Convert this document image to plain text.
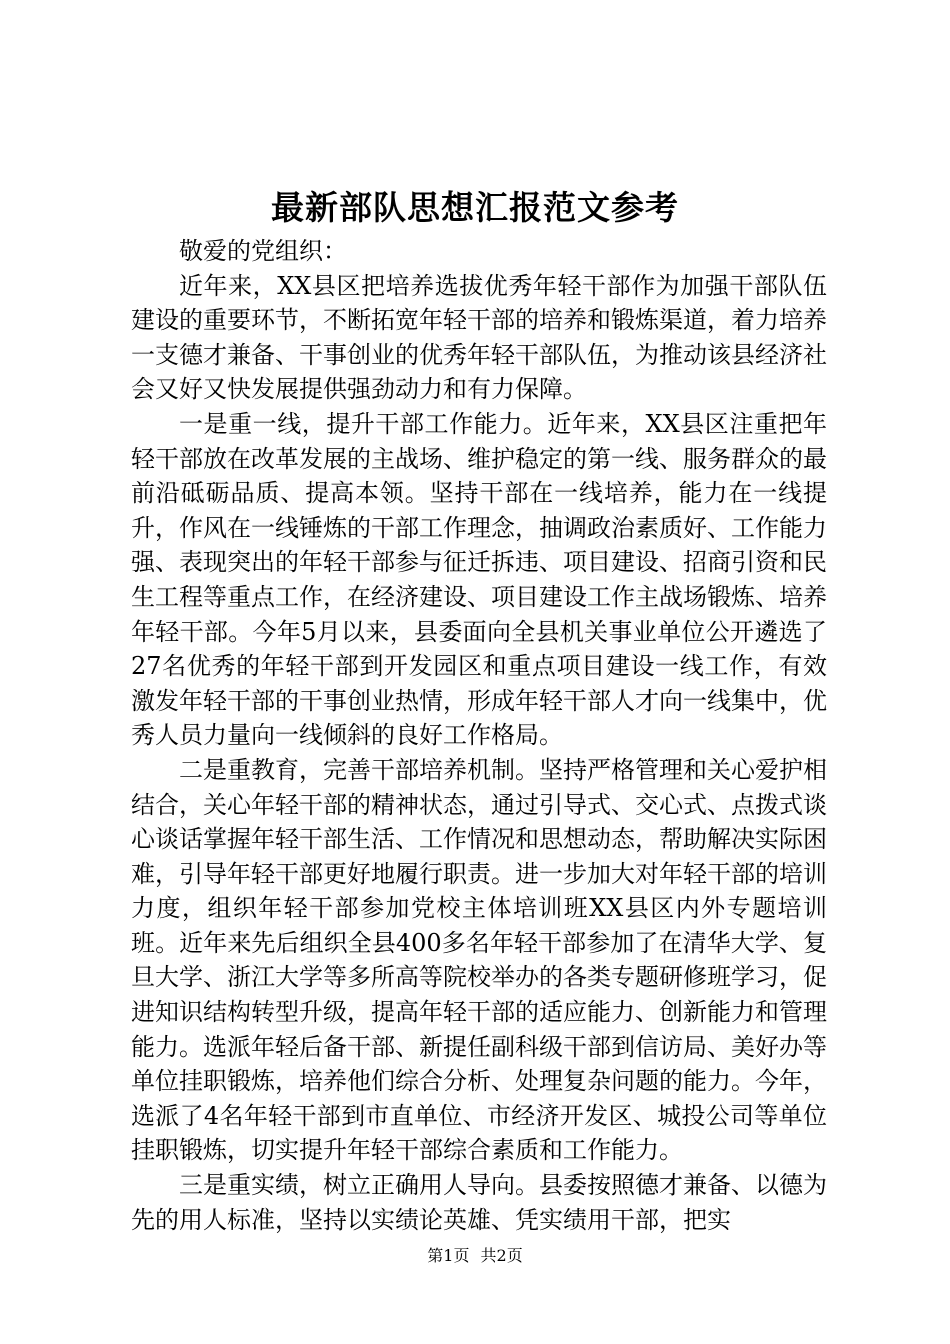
最新部队思想汇报范文参考

敬爱的党组织：

近年来，XX县区把培养选拔优秀年轻干部作为加强干部队伍建设的重要环节，不断拓宽年轻干部的培养和锻炼渠道，着力培养一支德才兼备、干事创业的优秀年轻干部队伍，为推动该县经济社会又好又快发展提供强劲动力和有力保障。

一是重一线，提升干部工作能力。近年来，XX县区注重把年轻干部放在改革发展的主战场、维护稳定的第一线、服务群众的最前沿砥砺品质、提高本领。坚持干部在一线培养，能力在一线提升，作风在一线锤炼的干部工作理念，抽调政治素质好、工作能力强、表现突出的年轻干部参与征迁拆违、项目建设、招商引资和民生工程等重点工作，在经济建设、项目建设工作主战场锻炼、培养年轻干部。今年5月以来，县委面向全县机关事业单位公开遴选了27名优秀的年轻干部到开发园区和重点项目建设一线工作，有效激发年轻干部的干事创业热情，形成年轻干部人才向一线集中，优秀人员力量向一线倾斜的良好工作格局。

二是重教育，完善干部培养机制。坚持严格管理和关心爱护相结合，关心年轻干部的精神状态，通过引导式、交心式、点拨式谈心谈话掌握年轻干部生活、工作情况和思想动态，帮助解决实际困难，引导年轻干部更好地履行职责。进一步加大对年轻干部的培训力度，组织年轻干部参加党校主体培训班XX县区内外专题培训班。近年来先后组织全县400多名年轻干部参加了在清华大学、复旦大学、浙江大学等多所高等院校举办的各类专题研修班学习，促进知识结构转型升级，提高年轻干部的适应能力、创新能力和管理能力。选派年轻后备干部、新提任副科级干部到信访局、美好办等单位挂职锻炼，培养他们综合分析、处理复杂问题的能力。今年，选派了4名年轻干部到市直单位、市经济开发区、城投公司等单位挂职锻炼，切实提升年轻干部综合素质和工作能力。

三是重实绩，树立正确用人导向。县委按照德才兼备、以德为先的用人标准，坚持以实绩论英雄、凭实绩用干部，把实

第1页 共2页
